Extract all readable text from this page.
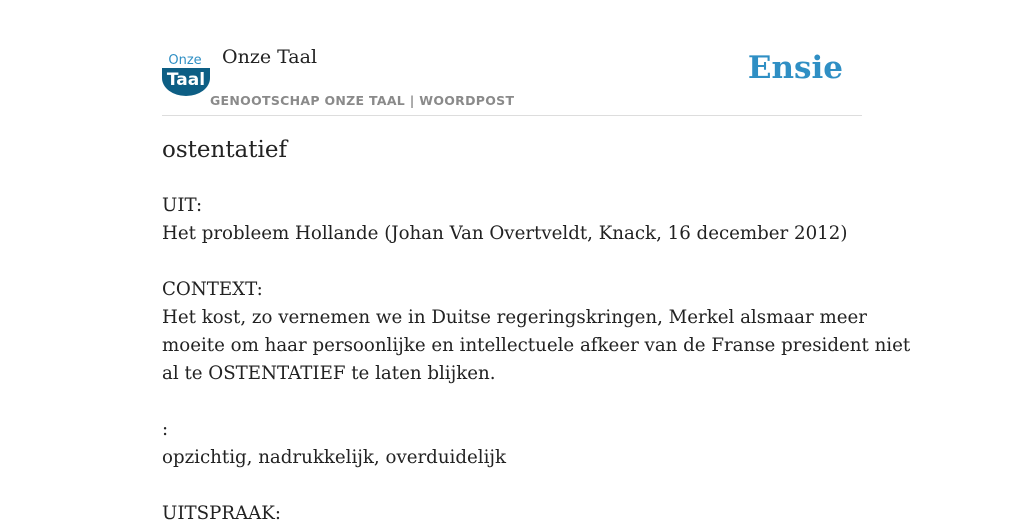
Onze
Taal
Onze Taal
GENOOTSCHAP ONZE TAAL | WOORDPOST
Ensie
ostentatief
UIT:
Het probleem Hollande (Johan Van Overtveldt, Knack, 16 december 2012)
CONTEXT:
Het kost, zo vernemen we in Duitse regeringskringen, Merkel alsmaar meer
moeite om haar persoonlijke en intellectuele afkeer van de Franse president niet
al te OSTENTATIEF te laten blijken.
:
opzichtig, nadrukkelijk, overduidelijk
UITSPRAAK:
